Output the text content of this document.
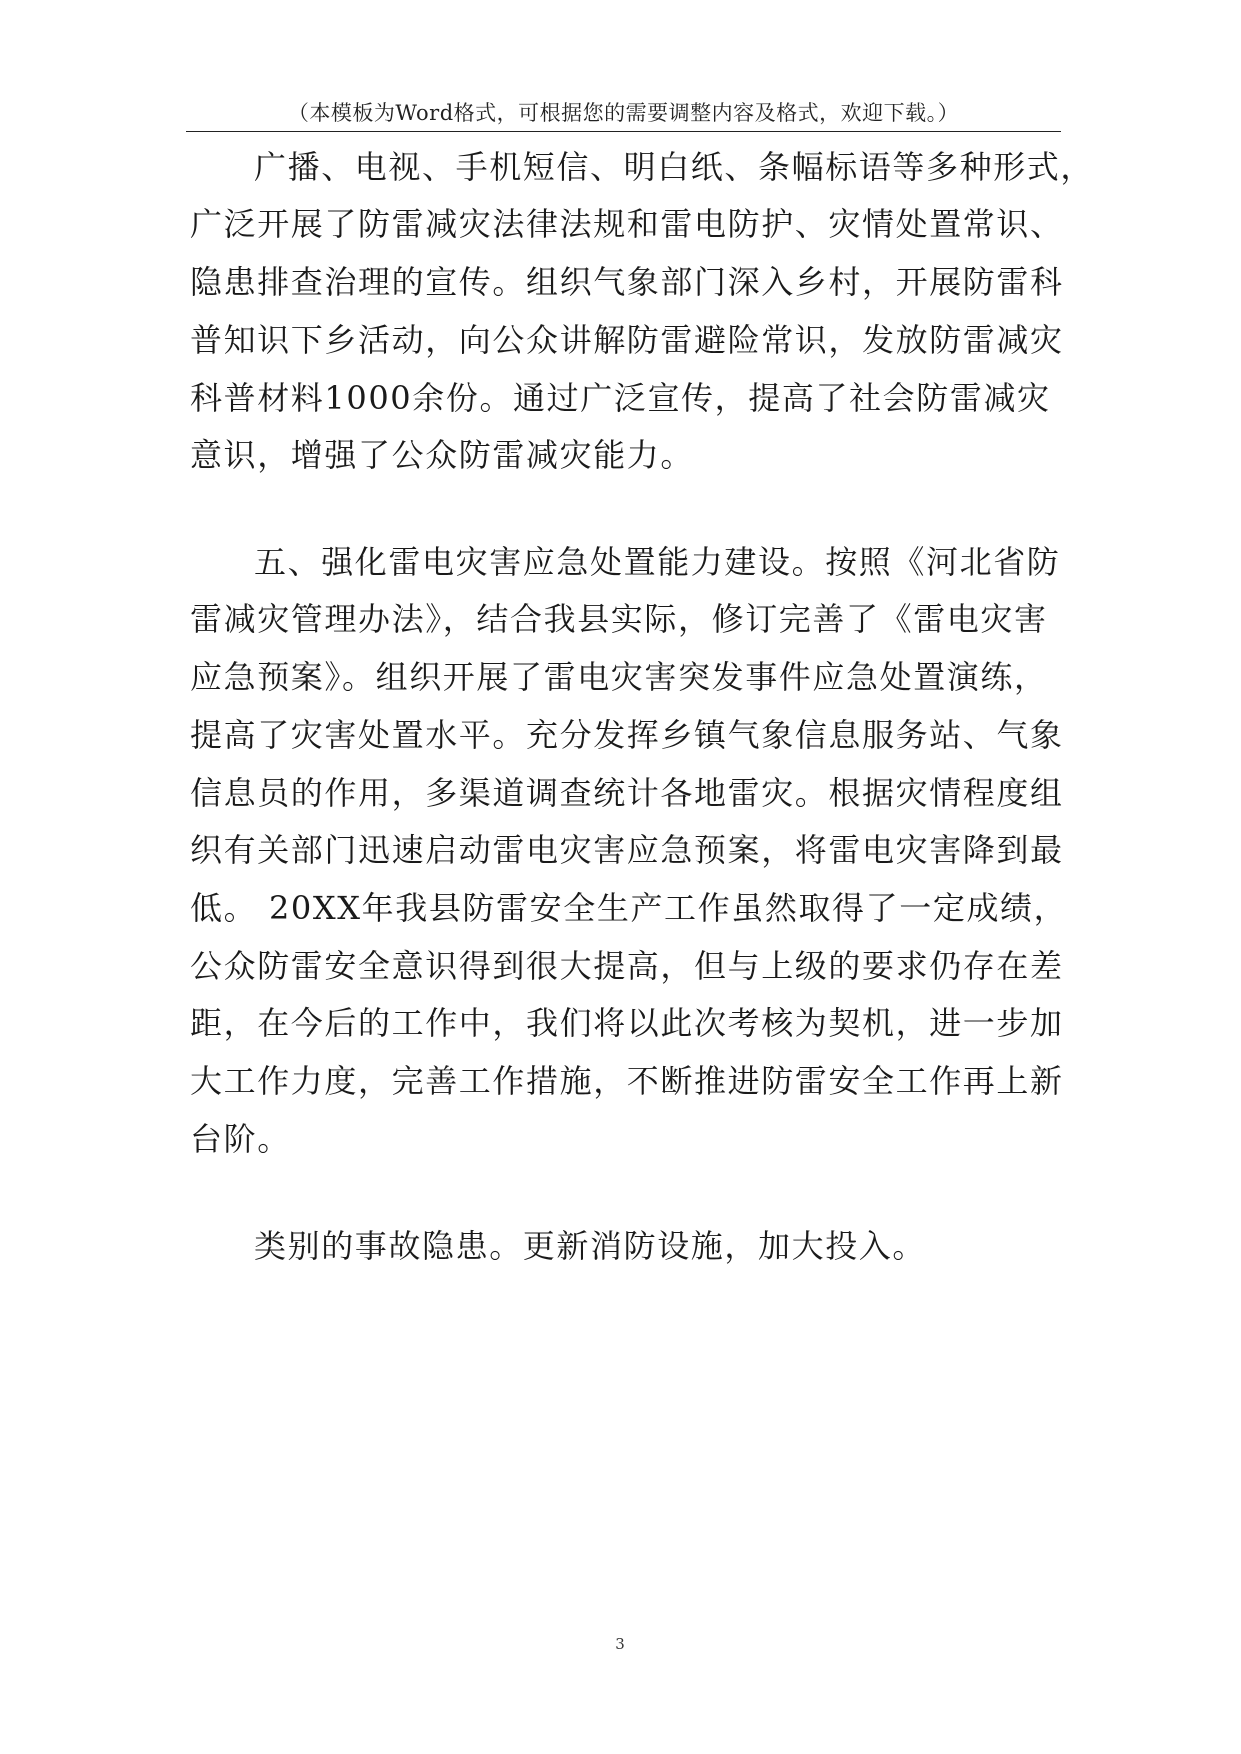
（本模板为Word格式，可根据您的需要调整内容及格式，欢迎下载。）
广播、电视、手机短信、明白纸、条幅标语等多种形式，
广泛开展了防雷减灾法律法规和雷电防护、灾情处置常识、
隐患排查治理的宣传。组织气象部门深入乡村，开展防雷科
普知识下乡活动，向公众讲解防雷避险常识，发放防雷减灾
科普材料1000余份。通过广泛宣传，提高了社会防雷减灾
意识，增强了公众防雷减灾能力。
五、强化雷电灾害应急处置能力建设。按照《河北省防
雷减灾管理办法》，结合我县实际，修订完善了《雷电灾害
应急预案》。组织开展了雷电灾害突发事件应急处置演练，
提高了灾害处置水平。充分发挥乡镇气象信息服务站、气象
信息员的作用，多渠道调查统计各地雷灾。根据灾情程度组
织有关部门迅速启动雷电灾害应急预案，将雷电灾害降到最
低。 20XX年我县防雷安全生产工作虽然取得了一定成绩，
公众防雷安全意识得到很大提高，但与上级的要求仍存在差
距，在今后的工作中，我们将以此次考核为契机，进一步加
大工作力度，完善工作措施，不断推进防雷安全工作再上新
台阶。
类别的事故隐患。更新消防设施，加大投入。
3
